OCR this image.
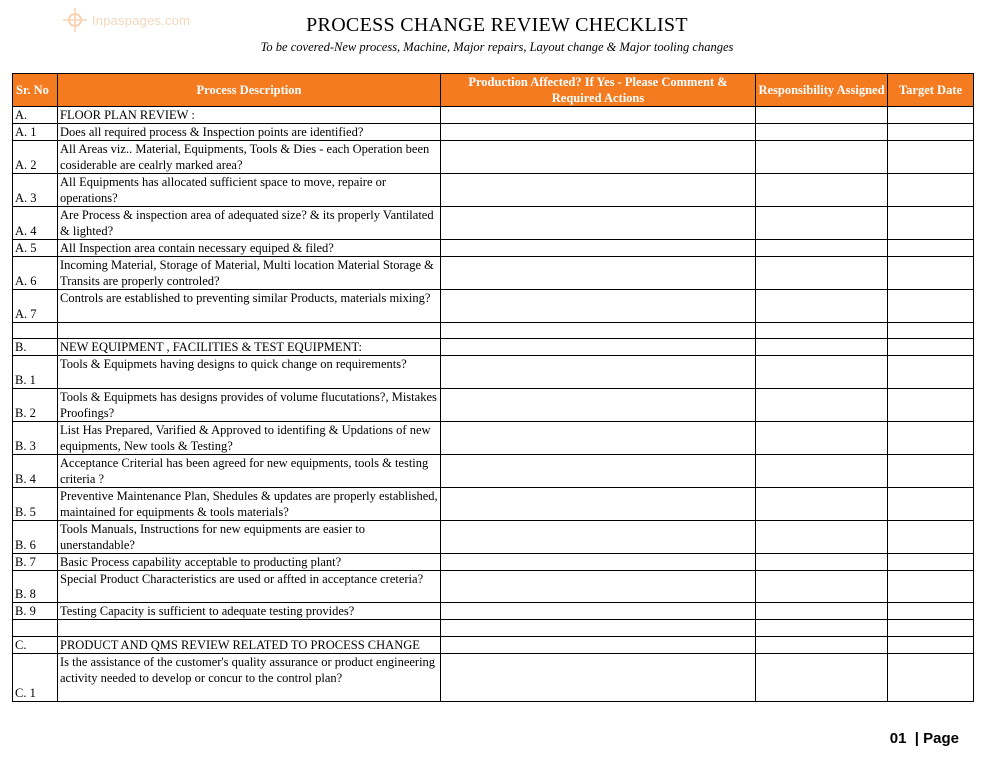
Inpaspages.com	PROCESS CHANGE REVIEW CHECKLIST
To be covered-New process, Machine, Major repairs, Layout change & Major tooling changes
Sr. No	Process Description	Production Affected? If Yes - Please Comment & Required Actions	Responsibility Assigned	Target Date
A.	FLOOR PLAN REVIEW :			
A. 1	Does all required process & Inspection points are identified?			
A. 2	All Areas viz.. Material, Equipments, Tools & Dies - each Operation been cosiderable are cealrly marked area?			
A. 3	All Equipments has allocated sufficient space to move, repaire or operations?			
A. 4	Are Process & inspection area of adequated size? & its properly Vantilated & lighted?			
A. 5	All Inspection area contain necessary equiped & filed?			
A. 6	Incoming Material, Storage of Material, Multi location Material Storage & Transits are properly controled?			
A. 7	Controls are established to preventing similar Products, materials mixing?			

B.	NEW EQUIPMENT , FACILITIES & TEST EQUIPMENT:			
B. 1	Tools & Equipmets having designs to quick change on requirements?			
B. 2	Tools & Equipmets has designs provides of volume flucutations?, Mistakes Proofings?			
B. 3	List Has Prepared, Varified & Approved to identifing & Updations of new equipments, New tools & Testing?			
B. 4	Acceptance Criterial has been agreed for new equipments, tools & testing criteria ?			
B. 5	Preventive Maintenance Plan, Shedules & updates are properly established, maintained for equipments & tools materials?			
B. 6	Tools Manuals, Instructions for new equipments are easier to unerstandable?			
B. 7	Basic Process capability acceptable to producting plant?			
B. 8	Special Product Characteristics are used or affted in acceptance creteria?			
B. 9	Testing Capacity is sufficient to adequate testing provides?			

C.	PRODUCT AND QMS REVIEW RELATED TO PROCESS CHANGE			
C. 1	Is the assistance of the customer's quality assurance or product engineering activity needed to develop or concur to the control plan?			
01 | Page
